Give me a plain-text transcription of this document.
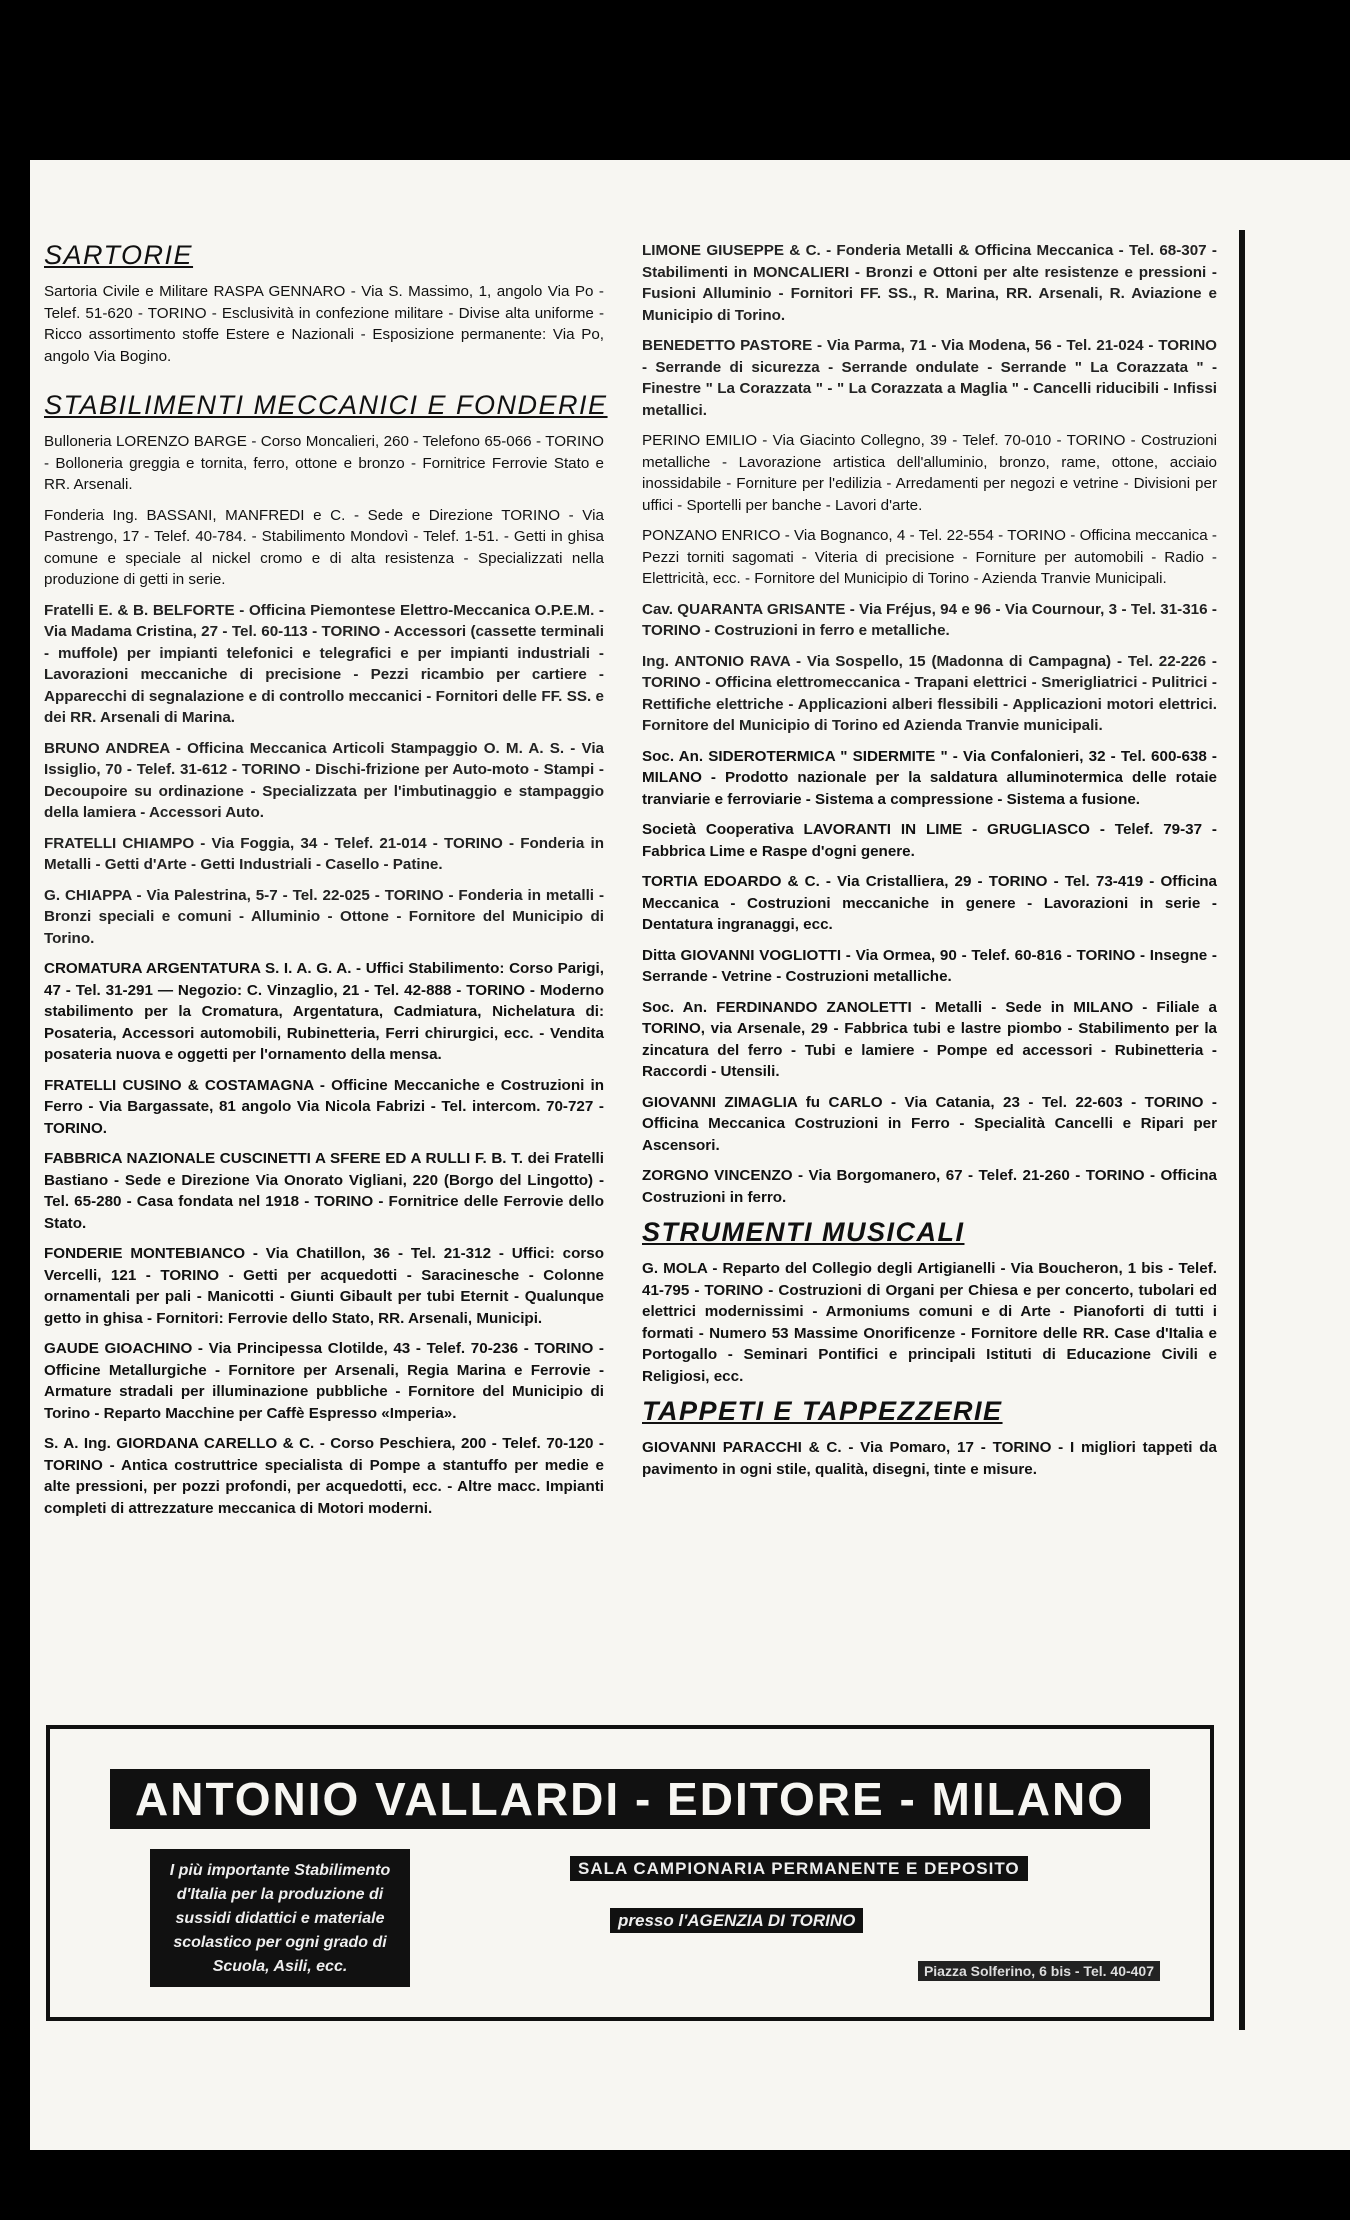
SARTORIE

Sartoria Civile e Militare RASPA GENNARO - Via S. Massimo, 1, angolo Via Po - Telef. 51-620 - TORINO - Esclusività in confezione militare - Divise alta uniforme - Ricco assortimento stoffe Estere e Nazionali - Esposizione permanente: Via Po, angolo Via Bogino.

STABILIMENTI MECCANICI E FONDERIE

Bulloneria LORENZO BARGE - Corso Moncalieri, 260 - Telefono 65-066 - TORINO - Bolloneria greggia e tornita, ferro, ottone e bronzo - Fornitrice Ferrovie Stato e RR. Arsenali.

Fonderia Ing. BASSANI, MANFREDI e C. - Sede e Direzione TORINO - Via Pastrengo, 17 - Telef. 40-784. - Stabilimento Mondovì - Telef. 1-51. - Getti in ghisa comune e speciale al nickel cromo e di alta resistenza - Specializzati nella produzione di getti in serie.

Fratelli E. & B. BELFORTE - Officina Piemontese Elettro-Meccanica O.P.E.M. - Via Madama Cristina, 27 - Tel. 60-113 - TORINO - Accessori (cassette terminali - muffole) per impianti telefonici e telegrafici e per impianti industriali - Lavorazioni meccaniche di precisione - Pezzi ricambio per cartiere - Apparecchi di segnalazione e di controllo meccanici - Fornitori delle FF. SS. e dei RR. Arsenali di Marina.

BRUNO ANDREA - Officina Meccanica Articoli Stampaggio O. M. A. S. - Via Issiglio, 70 - Telef. 31-612 - TORINO - Dischi-frizione per Auto-moto - Stampi - Decoupoire su ordinazione - Specializzata per l'imbutinaggio e stampaggio della lamiera - Accessori Auto.

FRATELLI CHIAMPO - Via Foggia, 34 - Telef. 21-014 - TORINO - Fonderia in Metalli - Getti d'Arte - Getti Industriali - Casello - Patine.

G. CHIAPPA - Via Palestrina, 5-7 - Tel. 22-025 - TORINO - Fonderia in metalli - Bronzi speciali e comuni - Alluminio - Ottone - Fornitore del Municipio di Torino.

CROMATURA ARGENTATURA S. I. A. G. A. - Uffici Stabilimento: Corso Parigi, 47 - Tel. 31-291 — Negozio: C. Vinzaglio, 21 - Tel. 42-888 - TORINO - Moderno stabilimento per la Cromatura, Argentatura, Cadmiatura, Nichelatura di: Posateria, Accessori automobili, Rubinetteria, Ferri chirurgici, ecc. - Vendita posateria nuova e oggetti per l'ornamento della mensa.

FRATELLI CUSINO & COSTAMAGNA - Officine Meccaniche e Costruzioni in Ferro - Via Bargassate, 81 angolo Via Nicola Fabrizi - Tel. intercom. 70-727 - TORINO.

FABBRICA NAZIONALE CUSCINETTI A SFERE ED A RULLI F. B. T. dei Fratelli Bastiano - Sede e Direzione Via Onorato Vigliani, 220 (Borgo del Lingotto) - Tel. 65-280 - Casa fondata nel 1918 - TORINO - Fornitrice delle Ferrovie dello Stato.

FONDERIE MONTEBIANCO - Via Chatillon, 36 - Tel. 21-312 - Uffici: corso Vercelli, 121 - TORINO - Getti per acquedotti - Saracinesche - Colonne ornamentali per pali - Manicotti - Giunti Gibault per tubi Eternit - Qualunque getto in ghisa - Fornitori: Ferrovie dello Stato, RR. Arsenali, Municipi.

GAUDE GIOACHINO - Via Principessa Clotilde, 43 - Telef. 70-236 - TORINO - Officine Metallurgiche - Fornitore per Arsenali, Regia Marina e Ferrovie - Armature stradali per illuminazione pubbliche - Fornitore del Municipio di Torino - Reparto Macchine per Caffè Espresso «Imperia».

S. A. Ing. GIORDANA CARELLO & C. - Corso Peschiera, 200 - Telef. 70-120 - TORINO - Antica costruttrice specialista di Pompe a stantuffo per medie e alte pressioni, per pozzi profondi, per acquedotti, ecc. - Altre macc. Impianti completi di attrezzature meccanica di Motori moderni.

LIMONE GIUSEPPE & C. - Fonderia Metalli & Officina Meccanica - Tel. 68-307 - Stabilimenti in MONCALIERI - Bronzi e Ottoni per alte resistenze e pressioni - Fusioni Alluminio - Fornitori FF. SS., R. Marina, RR. Arsenali, R. Aviazione e Municipio di Torino.

BENEDETTO PASTORE - Via Parma, 71 - Via Modena, 56 - Tel. 21-024 - TORINO - Serrande di sicurezza - Serrande ondulate - Serrande " La Corazzata " - Finestre " La Corazzata " - " La Corazzata a Maglia " - Cancelli riducibili - Infissi metallici.

PERINO EMILIO - Via Giacinto Collegno, 39 - Telef. 70-010 - TORINO - Costruzioni metalliche - Lavorazione artistica dell'alluminio, bronzo, rame, ottone, acciaio inossidabile - Forniture per l'edilizia - Arredamenti per negozi e vetrine - Divisioni per uffici - Sportelli per banche - Lavori d'arte.

PONZANO ENRICO - Via Bognanco, 4 - Tel. 22-554 - TORINO - Officina meccanica - Pezzi torniti sagomati - Viteria di precisione - Forniture per automobili - Radio - Elettricità, ecc. - Fornitore del Municipio di Torino - Azienda Tranvie Municipali.

Cav. QUARANTA GRISANTE - Via Fréjus, 94 e 96 - Via Cournour, 3 - Tel. 31-316 - TORINO - Costruzioni in ferro e metalliche.

Ing. ANTONIO RAVA - Via Sospello, 15 (Madonna di Campagna) - Tel. 22-226 - TORINO - Officina elettromeccanica - Trapani elettrici - Smerigliatrici - Pulitrici - Rettifiche elettriche - Applicazioni alberi flessibili - Applicazioni motori elettrici. Fornitore del Municipio di Torino ed Azienda Tranvie municipali.

Soc. An. SIDEROTERMICA " SIDERMITE " - Via Confalonieri, 32 - Tel. 600-638 - MILANO - Prodotto nazionale per la saldatura alluminotermica delle rotaie tranviarie e ferroviarie - Sistema a compressione - Sistema a fusione.

Società Cooperativa LAVORANTI IN LIME - GRUGLIASCO - Telef. 79-37 - Fabbrica Lime e Raspe d'ogni genere.

TORTIA EDOARDO & C. - Via Cristalliera, 29 - TORINO - Tel. 73-419 - Officina Meccanica - Costruzioni meccaniche in genere - Lavorazioni in serie - Dentatura ingranaggi, ecc.

Ditta GIOVANNI VOGLIOTTI - Via Ormea, 90 - Telef. 60-816 - TORINO - Insegne - Serrande - Vetrine - Costruzioni metalliche.

Soc. An. FERDINANDO ZANOLETTI - Metalli - Sede in MILANO - Filiale a TORINO, via Arsenale, 29 - Fabbrica tubi e lastre piombo - Stabilimento per la zincatura del ferro - Tubi e lamiere - Pompe ed accessori - Rubinetteria - Raccordi - Utensili.

GIOVANNI ZIMAGLIA fu CARLO - Via Catania, 23 - Tel. 22-603 - TORINO - Officina Meccanica Costruzioni in Ferro - Specialità Cancelli e Ripari per Ascensori.

ZORGNO VINCENZO - Via Borgomanero, 67 - Telef. 21-260 - TORINO - Officina Costruzioni in ferro.

STRUMENTI MUSICALI

G. MOLA - Reparto del Collegio degli Artigianelli - Via Boucheron, 1 bis - Telef. 41-795 - TORINO - Costruzioni di Organi per Chiesa e per concerto, tubolari ed elettrici modernissimi - Armoniums comuni e di Arte - Pianoforti di tutti i formati - Numero 53 Massime Onorificenze - Fornitore delle RR. Case d'Italia e Portogallo - Seminari Pontifici e principali Istituti di Educazione Civili e Religiosi, ecc.

TAPPETI E TAPPEZZERIE

GIOVANNI PARACCHI & C. - Via Pomaro, 17 - TORINO - I migliori tappeti da pavimento in ogni stile, qualità, disegni, tinte e misure.

ANTONIO VALLARDI - EDITORE - MILANO
I più importante Stabilimento d'Italia per la produzione di sussidi didattici e materiale scolastico per ogni grado di Scuola, Asili, ecc.
SALA CAMPIONARIA PERMANENTE E DEPOSITO
presso l'AGENZIA DI TORINO
Piazza Solferino, 6 bis - Tel. 40-407
